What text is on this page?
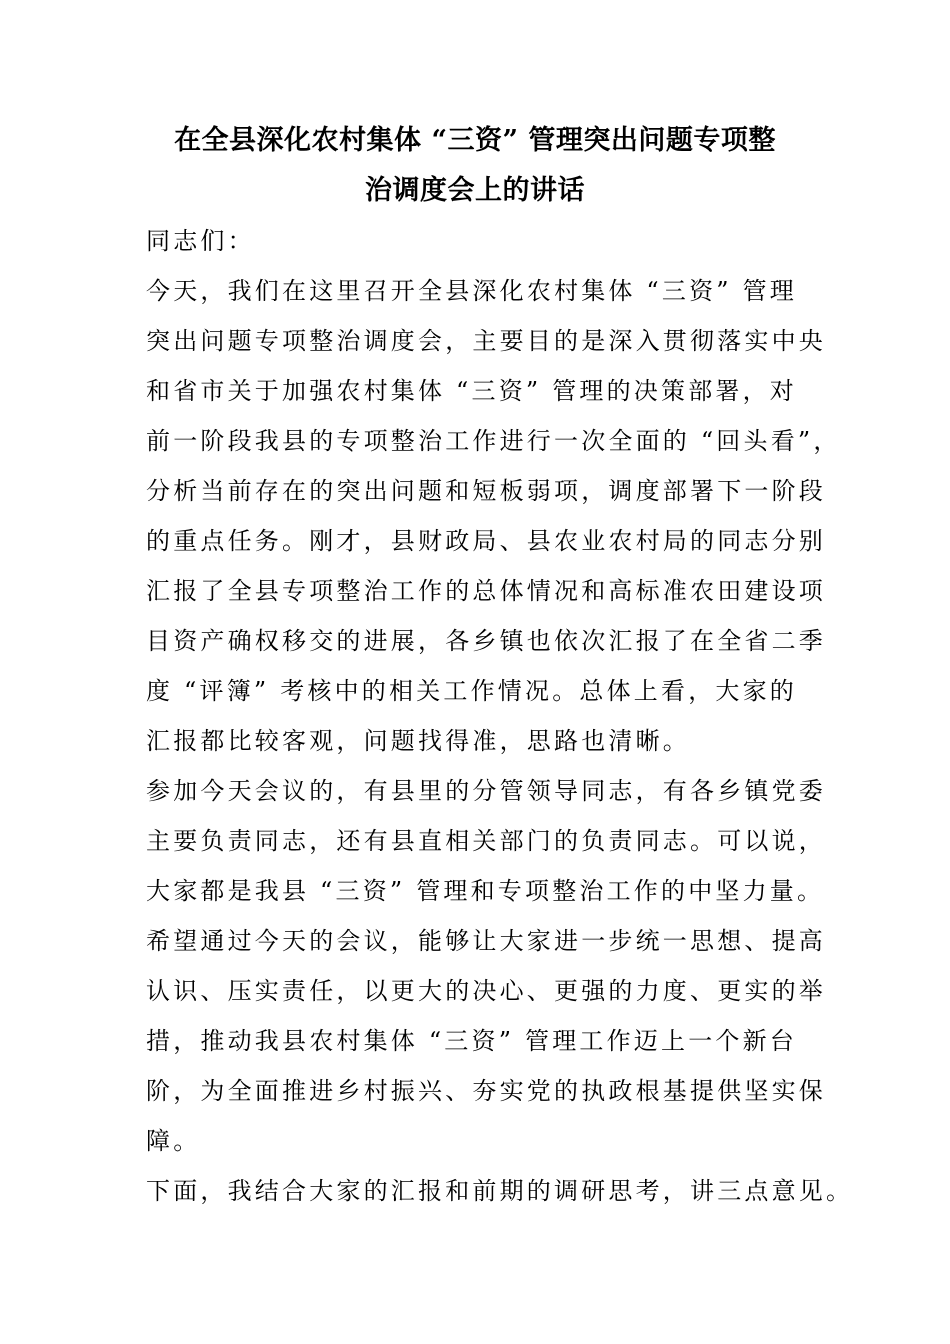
在全县深化农村集体 “三资” 管理突出问题专项整
治调度会上的讲话
同志们：
今天，我们在这里召开全县深化农村集体 “三资” 管理
突出问题专项整治调度会，主要目的是深入贯彻落实中央
和省市关于加强农村集体 “三资” 管理的决策部署，对
前一阶段我县的专项整治工作进行一次全面的 “回头看”，
分析当前存在的突出问题和短板弱项，调度部署下一阶段
的重点任务。刚才，县财政局、县农业农村局的同志分别
汇报了全县专项整治工作的总体情况和高标准农田建设项
目资产确权移交的进展，各乡镇也依次汇报了在全省二季
度 “评簿” 考核中的相关工作情况。总体上看，大家的
汇报都比较客观，问题找得准，思路也清晰。
参加今天会议的，有县里的分管领导同志，有各乡镇党委
主要负责同志，还有县直相关部门的负责同志。可以说，
大家都是我县 “三资” 管理和专项整治工作的中坚力量。
希望通过今天的会议，能够让大家进一步统一思想、提高
认识、压实责任，以更大的决心、更强的力度、更实的举
措，推动我县农村集体 “三资” 管理工作迈上一个新台
阶，为全面推进乡村振兴、夯实党的执政根基提供坚实保
障。
下面，我结合大家的汇报和前期的调研思考，讲三点意见。
